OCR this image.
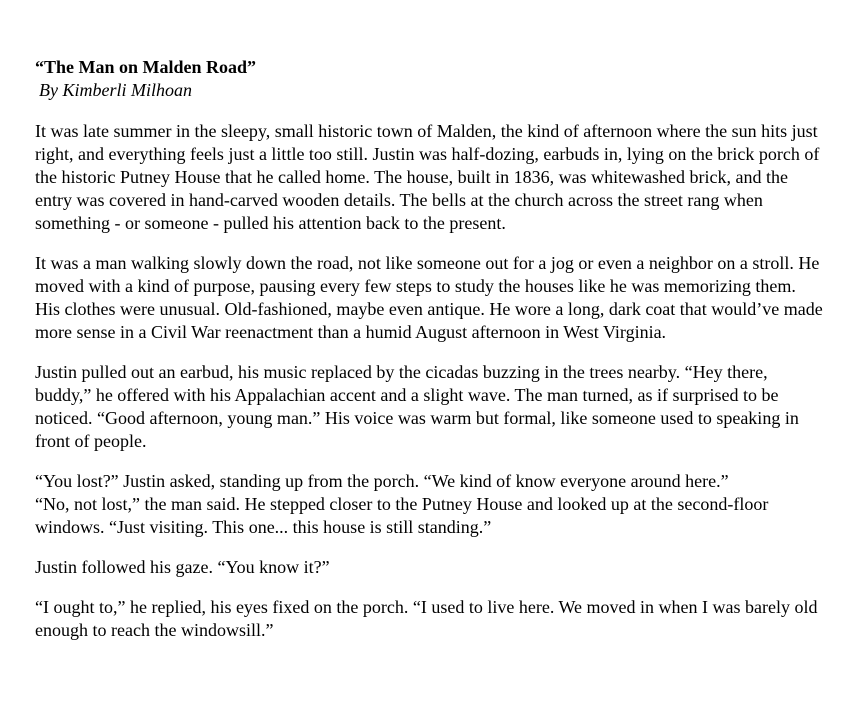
“The Man on Malden Road”

By Kimberli Milhoan

It was late summer in the sleepy, small historic town of Malden, the kind of afternoon where the sun hits just right, and everything feels just a little too still. Justin was half-dozing, earbuds in, lying on the brick porch of the historic Putney House that he called home. The house, built in 1836, was whitewashed brick, and the entry was covered in hand-carved wooden details. The bells at the church across the street rang when something - or someone - pulled his attention back to the present.

It was a man walking slowly down the road, not like someone out for a jog or even a neighbor on a stroll. He moved with a kind of purpose, pausing every few steps to study the houses like he was memorizing them. His clothes were unusual. Old-fashioned, maybe even antique. He wore a long, dark coat that would’ve made more sense in a Civil War reenactment than a humid August afternoon in West Virginia.

Justin pulled out an earbud, his music replaced by the cicadas buzzing in the trees nearby. “Hey there, buddy,” he offered with his Appalachian accent and a slight wave. The man turned, as if surprised to be noticed. “Good afternoon, young man.” His voice was warm but formal, like someone used to speaking in front of people.

“You lost?” Justin asked, standing up from the porch. “We kind of know everyone around here.”

“No, not lost,” the man said. He stepped closer to the Putney House and looked up at the second-floor windows. “Just visiting. This one... this house is still standing.”

Justin followed his gaze. “You know it?”

“I ought to,” he replied, his eyes fixed on the porch. “I used to live here. We moved in when I was barely old enough to reach the windowsill.”
